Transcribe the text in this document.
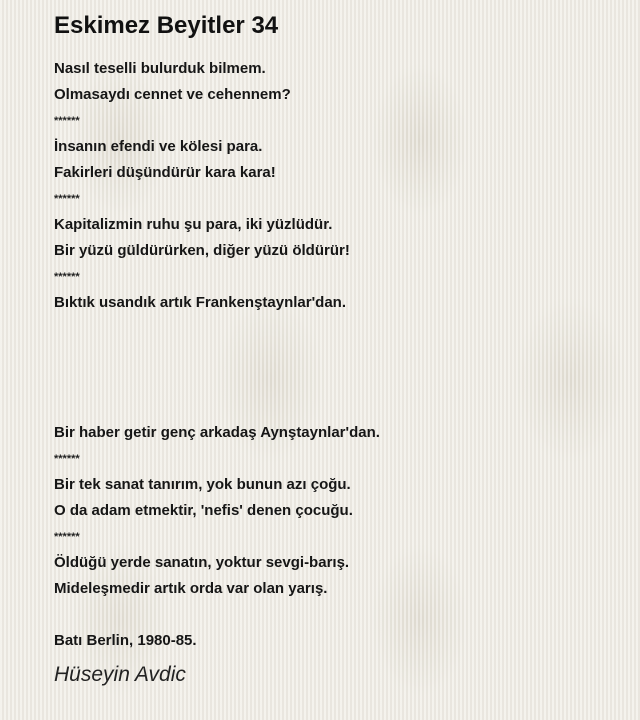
Eskimez Beyitler 34
Nasıl teselli bulurduk bilmem.
Olmasaydı cennet ve cehennem?
******
İnsanın efendi ve kölesi para.
Fakirleri düşündürür kara kara!
******
Kapitalizmin ruhu şu para, iki yüzlüdür.
Bir yüzü güldürürken, diğer yüzü öldürür!
******
Bıktık usandık artık Frankenştaynlar'dan.
Bir haber getir genç arkadaş Aynştaynlar'dan.
******
Bir tek sanat tanırım, yok bunun azı çoğu.
O da adam etmektir, 'nefis' denen çocuğu.
******
Öldüğü yerde sanatın, yoktur sevgi-barış.
Mideleşmedir artık orda var olan yarış.
Batı Berlin, 1980-85.
Hüseyin Avdic
